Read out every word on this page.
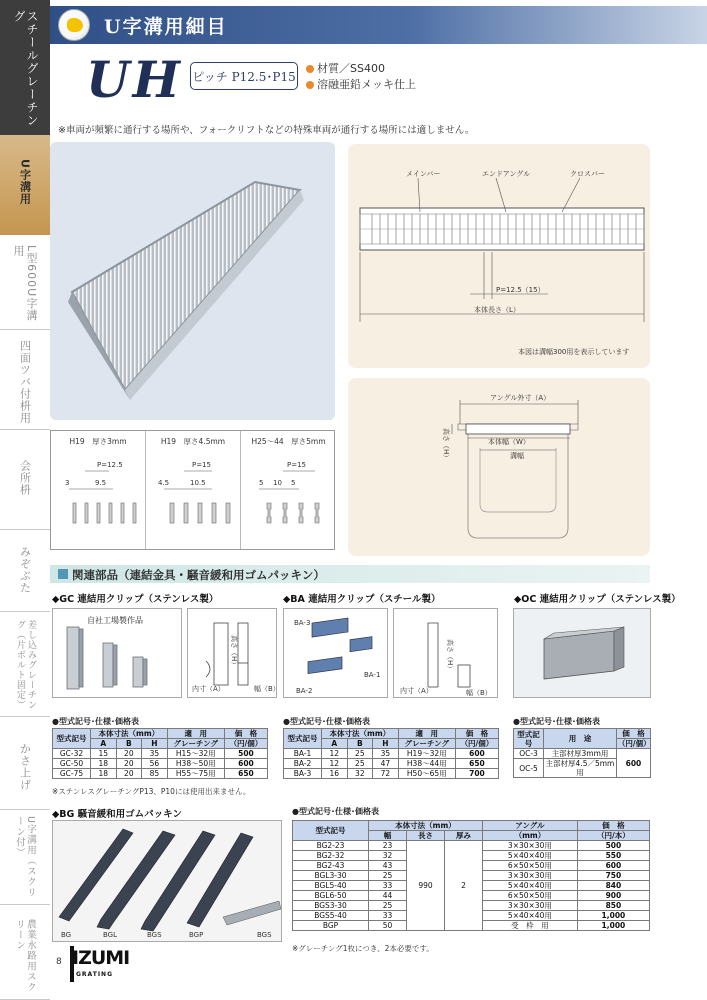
スチールグレーチング
U字溝用
L型600U字溝用
四面ツバ付枡用
会所枡
みぞぶた
差し込みグレーチング（片ボルト固定）
かさ上げ
U字溝用（スクリーン付）
農業水路用スクリーン
U字溝用細目
UH ピッチ P12.5･P15
材質／SS400
溶融亜鉛メッキ仕上
※車両が頻繁に通行する場所や、フォークリフトなどの特殊車両が通行する場所には適しません。
メインバー	エンドアングル	クロスバー
P=12.5（15）
本体長さ（L）
本図は溝幅300用を表示しています
アングル外寸（A）
本体幅（W）
溝幅
高さ（H）
H19　厚さ3mm
P=12.5
3	9.5
H19　厚さ4.5mm
P=15
4.5	10.5
H25～44　厚さ5mm
P=15
5 10 5
関連部品（連結金具・騒音緩和用ゴムパッキン）
◆GC 連結用クリップ（ステンレス製）	◆BA 連結用クリップ（スチール製）	◆OC 連結用クリップ（ステンレス製）
自社工場製作品
内寸（A）	幅（B）
高さ（H）
BA-3
BA-1
BA-2	内寸（A）	幅（B）
高さ（H）
●型式記号･仕様･価格表
型式記号	本体寸法（mm）			適　用	価　格
	A	B	H	グレーチング	（円/個）
GC-32	15	20	35	H15～32用	500
GC-50	18	20	56	H38～50用	600
GC-75	18	20	85	H55～75用	650
※ステンレスグレーチングP13、P10には使用出来ません。
●型式記号･仕様･価格表
型式記号	本体寸法（mm）			適　用	価　格
	A	B	H	グレーチング	（円/個）
BA-1	12	25	35	H19～32用	600
BA-2	12	25	47	H38～44用	650
BA-3	16	32	72	H50～65用	700
●型式記号･仕様･価格表
型式記号	用　途	価　格
		（円/個）
OC-3	主部材厚3mm用	600
OC-5	主部材厚4.5／5mm用	
◆BG 騒音緩和用ゴムパッキン
BG	BGL	BGS	BGP	BGS
●型式記号･仕様･価格表
型式記号	本体寸法（mm）			アングル	価　格
	幅	長さ	厚み	（mm）	（円/本）
BG2-23	23	990	2	3×30×30用	500
BG2-32	32			5×40×40用	550
BG2-43	43			6×50×50用	600
BGL3-30	25			3×30×30用	750
BGL5-40	33			5×40×40用	840
BGL6-50	44			6×50×50用	900
BGS3-30	25			3×30×30用	850
BGS5-40	33			5×40×40用	1,000
BGP	50			受　枠　用	1,000
※グレーチング1枚につき、2本必要です。
8 IZUMI
GRATING
